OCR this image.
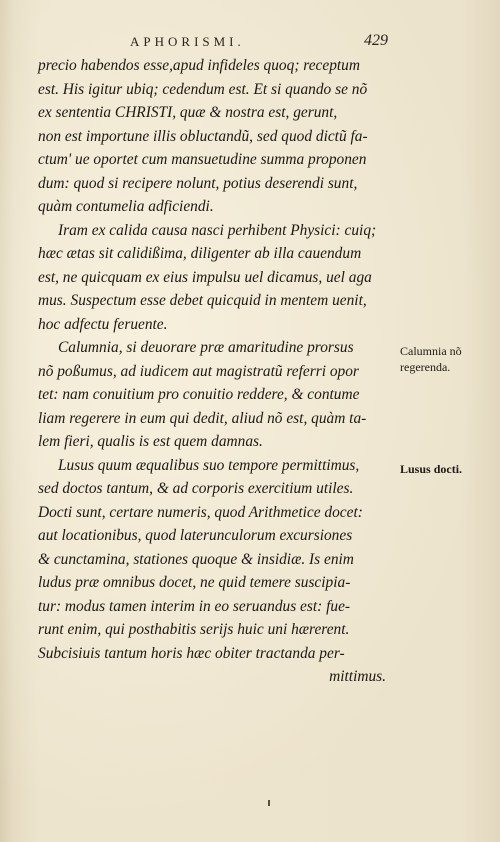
APHORISMI.	429
precio habendos esse,apud infideles quoq; receptum
est. His igitur ubiq; cedendum est. Et si quando se nõ
ex sententia CHRISTI, quæ & nostra est, gerunt,
non est importune illis obluctandũ, sed quod dictũ fa-
ctum' ue oportet cum mansuetudine summa proponen
dum: quod si recipere nolunt, potius deserendi sunt,
quàm contumelia adficiendi.
Iram ex calida causa nasci perhibent Physici: cuiq;
hæc ætas sit calidißima, diligenter ab illa cauendum
est, ne quicquam ex eius impulsu uel dicamus, uel aga
mus. Suspectum esse debet quicquid in mentem uenit,
hoc adfectu feruente.
Calumnia, si deuorare præ amaritudine prorsus
nõ poßumus, ad iudicem aut magistratũ referri opor
tet: nam conuitium pro conuitio reddere, & contume
liam regerere in eum qui dedit, aliud nõ est, quàm ta-
lem fieri, qualis is est quem damnas.
Lusus quum æqualibus suo tempore permittimus,
sed doctos tantum, & ad corporis exercitium utiles.
Docti sunt, certare numeris, quod Arithmetice docet:
aut locationibus, quod laterunculorum excursiones
& cunctamina, stationes quoque & insidiæ. Is enim
ludus præ omnibus docet, ne quid temere suscipia-
tur: modus tamen interim in eo seruandus est: fue-
runt enim, qui posthabitis serijs huic uni hærerent.
Subcisiuis tantum horis hæc obiter tractanda per-
mittimus.
Calumnia nõ regerenda.
Lusus docti.
